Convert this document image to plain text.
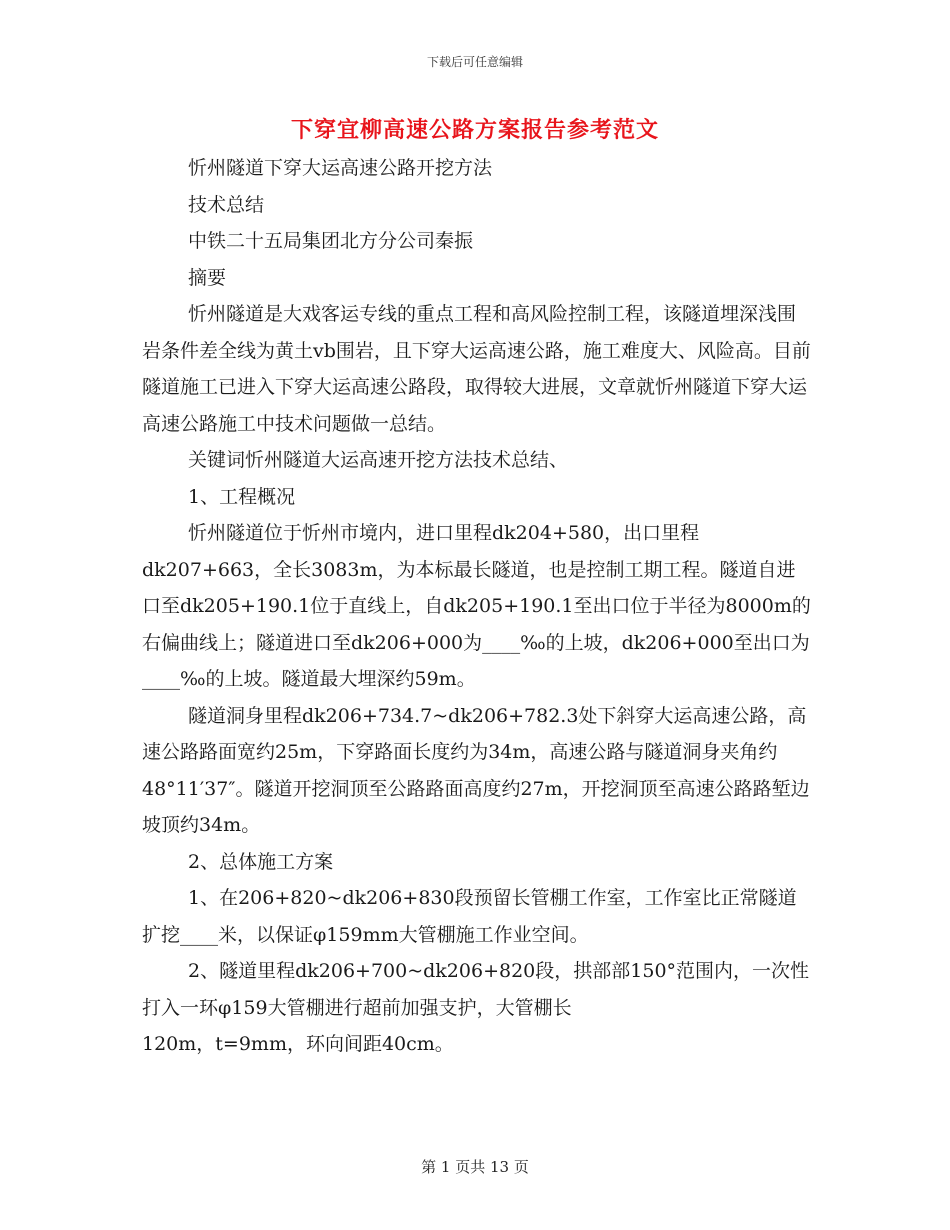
下载后可任意编辑
下穿宜柳高速公路方案报告参考范文

忻州隧道下穿大运高速公路开挖方法

技术总结

中铁二十五局集团北方分公司秦振

摘要

忻州隧道是大戏客运专线的重点工程和高风险控制工程，该隧道埋深浅围岩条件差全线为黄土vb围岩，且下穿大运高速公路，施工难度大、风险高。目前隧道施工已进入下穿大运高速公路段，取得较大进展，文章就忻州隧道下穿大运高速公路施工中技术问题做一总结。

关键词忻州隧道大运高速开挖方法技术总结、

1、工程概况

忻州隧道位于忻州市境内，进口里程dk204+580，出口里程dk207+663，全长3083m，为本标最长隧道，也是控制工期工程。隧道自进口至dk205+190.1位于直线上，自dk205+190.1至出口位于半径为8000m的右偏曲线上；隧道进口至dk206+000为____‰的上坡，dk206+000至出口为____‰的上坡。隧道最大埋深约59m。

隧道洞身里程dk206+734.7~dk206+782.3处下斜穿大运高速公路，高速公路路面宽约25m，下穿路面长度约为34m，高速公路与隧道洞身夹角约48°11′37″。隧道开挖洞顶至公路路面高度约27m，开挖洞顶至高速公路路堑边坡顶约34m。

2、总体施工方案

1、在206+820~dk206+830段预留长管棚工作室，工作室比正常隧道扩挖____米，以保证φ159mm大管棚施工作业空间。

2、隧道里程dk206+700~dk206+820段，拱部部150°范围内，一次性打入一环φ159大管棚进行超前加强支护，大管棚长

120m，t=9mm，环向间距40cm。

第 1 页共 13 页
